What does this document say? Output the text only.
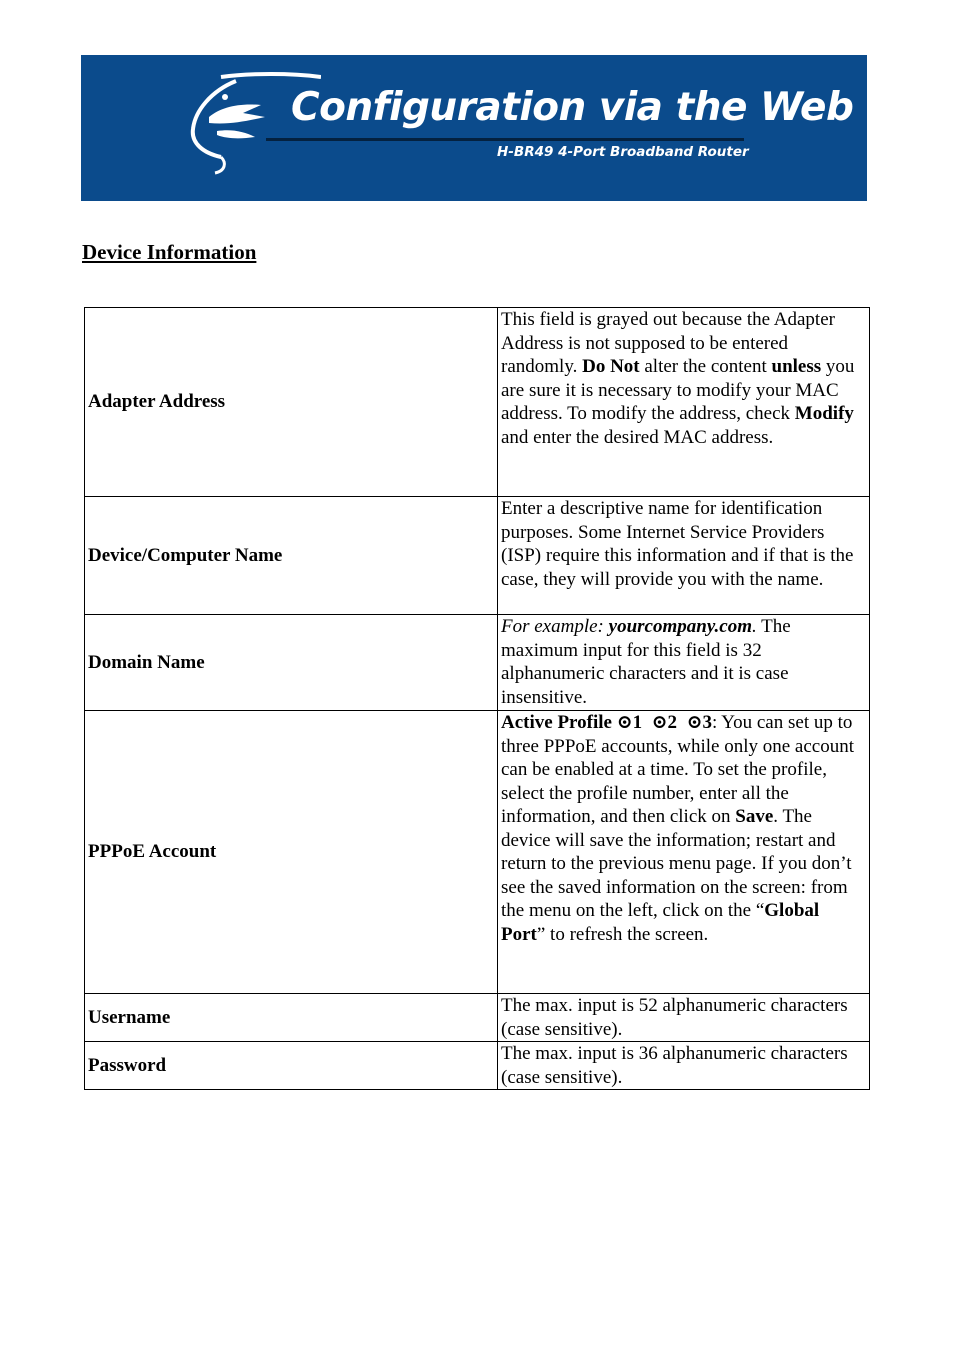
Configuration via the Web
H-BR49 4-Port Broadband Router
Device Information
Adapter Address	This field is grayed out because the Adapter Address is not supposed to be entered randomly. Do Not alter the content unless you are sure it is necessary to modify your MAC address. To modify the address, check Modify and enter the desired MAC address.
Device/Computer Name	Enter a descriptive name for identification purposes. Some Internet Service Providers (ISP) require this information and if that is the case, they will provide you with the name.
Domain Name	For example: yourcompany.com. The maximum input for this field is 32 alphanumeric characters and it is case insensitive.
PPPoE Account	Active Profile ⊙1 ⊙2 ⊙3: You can set up to three PPPoE accounts, while only one account can be enabled at a time. To set the profile, select the profile number, enter all the information, and then click on Save. The device will save the information; restart and return to the previous menu page. If you don’t see the saved information on the screen: from the menu on the left, click on the “Global Port” to refresh the screen.
Username	The max. input is 52 alphanumeric characters (case sensitive).
Password	The max. input is 36 alphanumeric characters (case sensitive).
